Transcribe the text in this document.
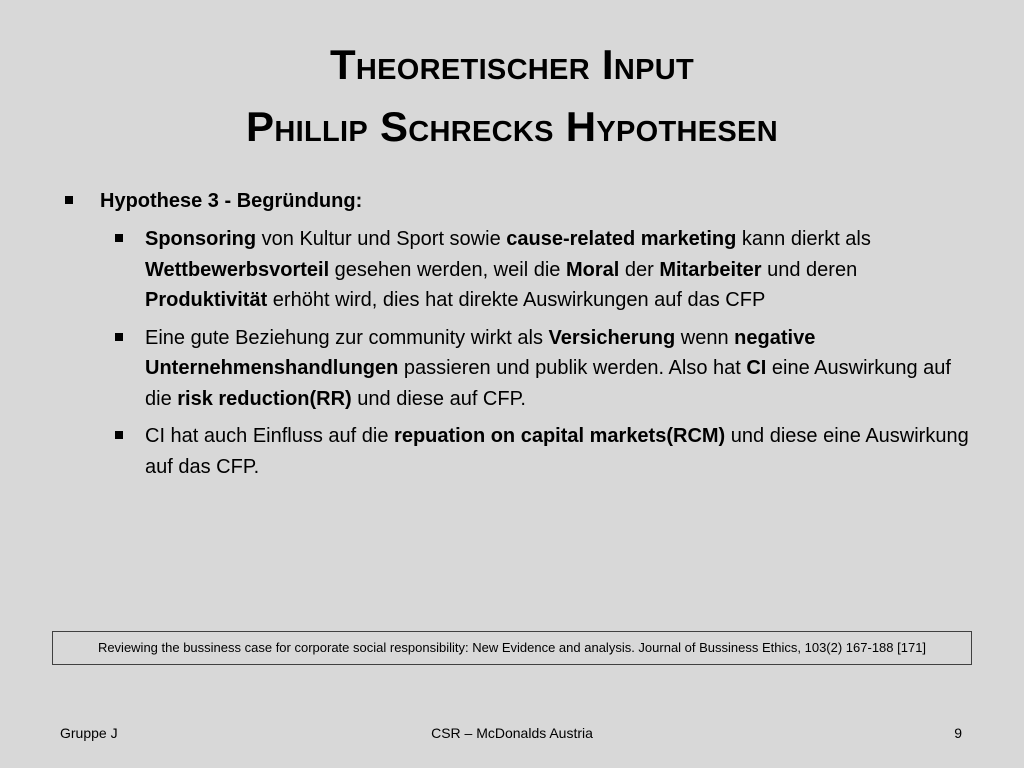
Theoretischer Input
Phillip Schrecks Hypothesen
Hypothese 3 - Begründung:
Sponsoring von Kultur und Sport sowie cause-related marketing kann dierkt als Wettbewerbsvorteil gesehen werden, weil die Moral der Mitarbeiter und deren Produktivität erhöht wird, dies hat direkte Auswirkungen auf das CFP
Eine gute Beziehung zur community wirkt als Versicherung wenn negative Unternehmenshandlungen passieren und publik werden. Also hat CI eine Auswirkung auf die risk reduction(RR) und diese auf CFP.
CI hat auch Einfluss auf die repuation on capital markets(RCM) und diese eine Auswirkung auf das CFP.
Reviewing the bussiness case for corporate social responsibility: New Evidence and analysis. Journal of Bussiness Ethics, 103(2) 167-188 [171]
Gruppe J	CSR – McDonalds Austria	9
